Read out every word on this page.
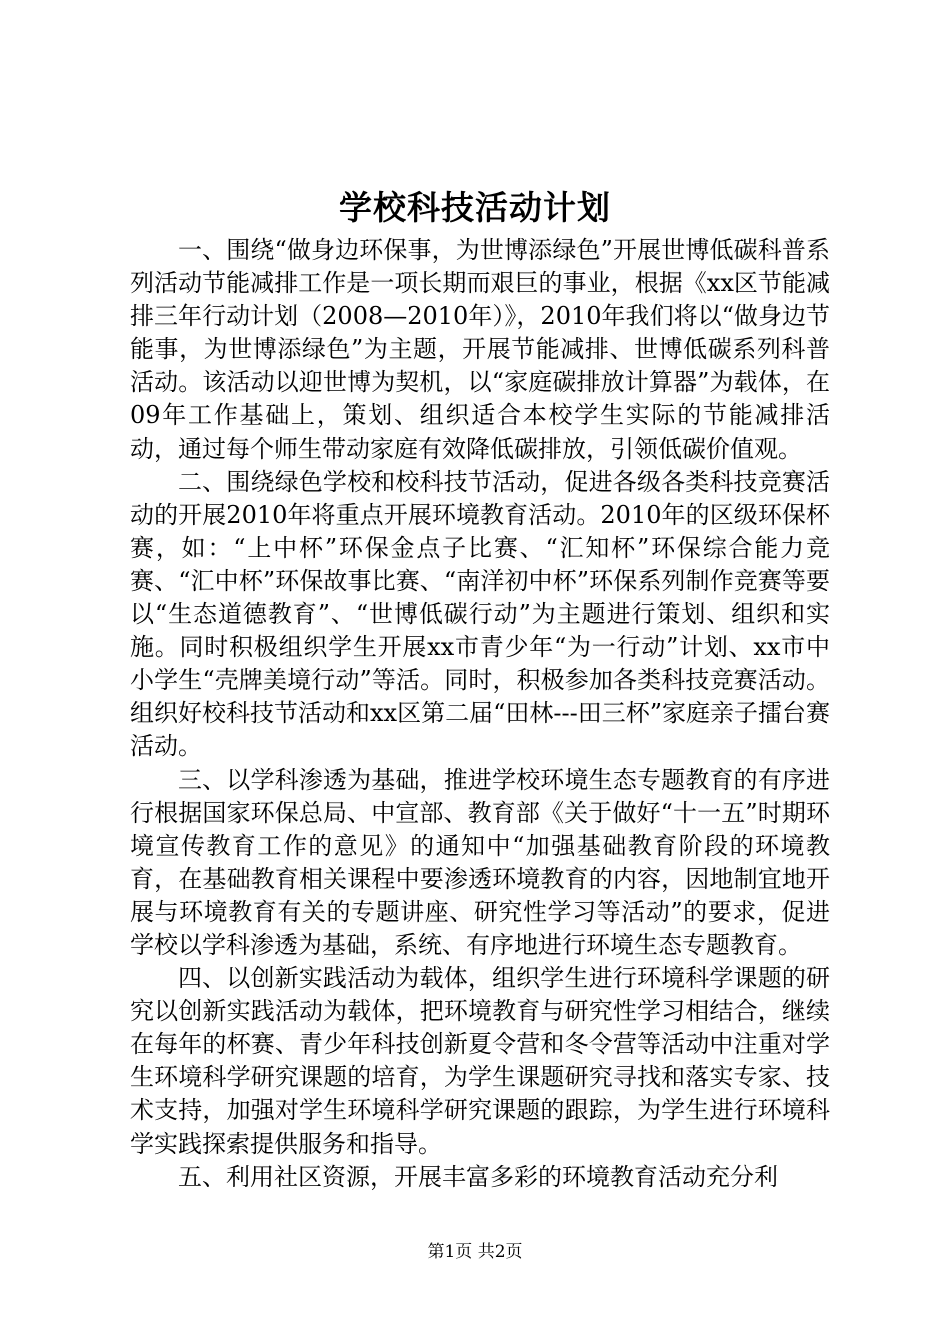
学校科技活动计划

一、围绕“做身边环保事，为世博添绿色”开展世博低碳科普系列活动节能减排工作是一项长期而艰巨的事业，根据《xx区节能减排三年行动计划（2008—2010年）》，2010年我们将以“做身边节能事，为世博添绿色”为主题，开展节能减排、世博低碳系列科普活动。该活动以迎世博为契机，以“家庭碳排放计算器”为载体，在09年工作基础上，策划、组织适合本校学生实际的节能减排活动，通过每个师生带动家庭有效降低碳排放，引领低碳价值观。

二、围绕绿色学校和校科技节活动，促进各级各类科技竞赛活动的开展2010年将重点开展环境教育活动。2010年的区级环保杯赛，如：“上中杯”环保金点子比赛、“汇知杯”环保综合能力竞赛、“汇中杯”环保故事比赛、“南洋初中杯”环保系列制作竞赛等要以“生态道德教育”、“世博低碳行动”为主题进行策划、组织和实施。同时积极组织学生开展xx市青少年“为一行动”计划、xx市中小学生“壳牌美境行动”等活。同时，积极参加各类科技竞赛活动。组织好校科技节活动和xx区第二届“田林---田三杯”家庭亲子擂台赛活动。

三、以学科渗透为基础，推进学校环境生态专题教育的有序进行根据国家环保总局、中宣部、教育部《关于做好“十一五”时期环境宣传教育工作的意见》的通知中“加强基础教育阶段的环境教育，在基础教育相关课程中要渗透环境教育的内容，因地制宜地开展与环境教育有关的专题讲座、研究性学习等活动”的要求，促进学校以学科渗透为基础，系统、有序地进行环境生态专题教育。

四、以创新实践活动为载体，组织学生进行环境科学课题的研究以创新实践活动为载体，把环境教育与研究性学习相结合，继续在每年的杯赛、青少年科技创新夏令营和冬令营等活动中注重对学生环境科学研究课题的培育，为学生课题研究寻找和落实专家、技术支持，加强对学生环境科学研究课题的跟踪，为学生进行环境科学实践探索提供服务和指导。

五、利用社区资源，开展丰富多彩的环境教育活动充分利

第1页 共2页
